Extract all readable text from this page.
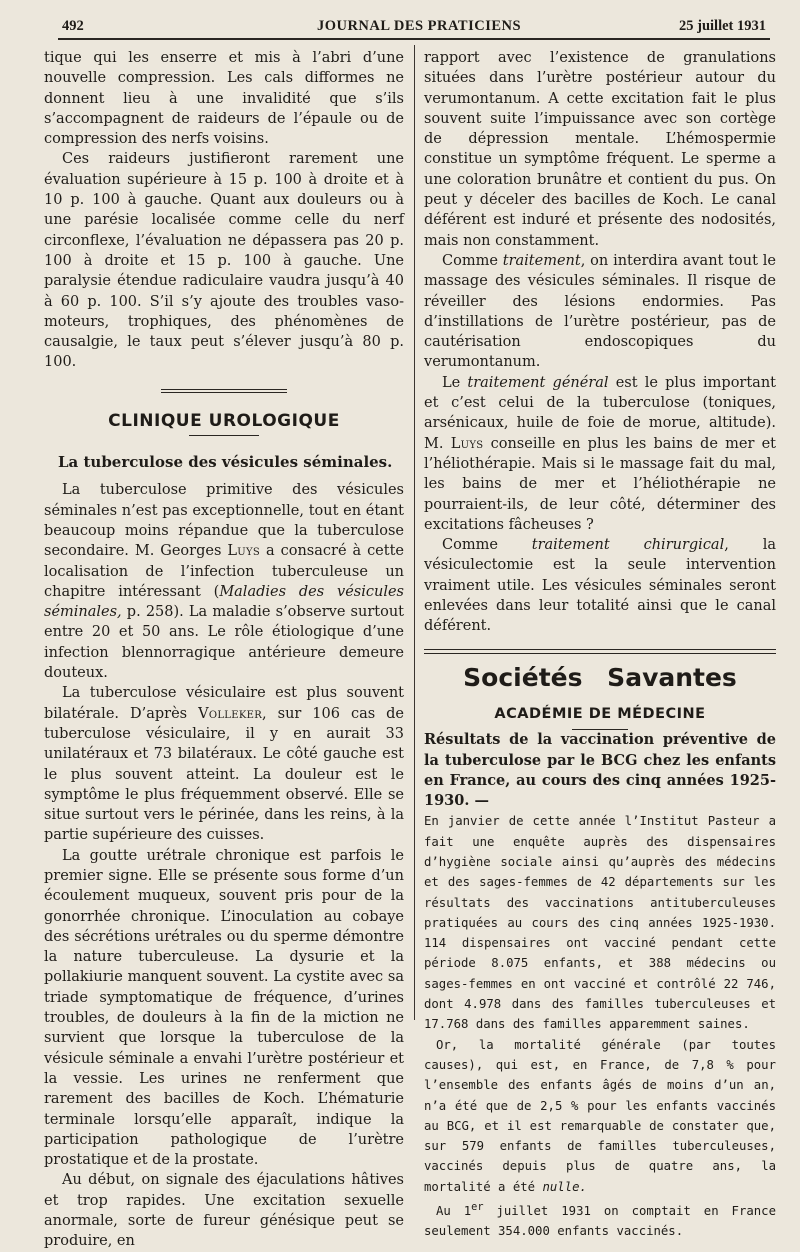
492	JOURNAL DES PRATICIENS	25 juillet 1931

tique qui les enserre et mis à l’abri d’une nouvelle compression. Les cals difformes ne donnent lieu à une invalidité que s’ils s’accompagnent de raideurs de l’épaule ou de compression des nerfs voisins.

Ces raideurs justifieront rarement une évaluation supérieure à 15 p. 100 à droite et à 10 p. 100 à gauche. Quant aux douleurs ou à une parésie localisée comme celle du nerf circonflexe, l’évaluation ne dépassera pas 20 p. 100 à droite et 15 p. 100 à gauche. Une paralysie étendue radiculaire vaudra jusqu’à 40 à 60 p. 100. S’il s’y ajoute des troubles vaso-moteurs, trophiques, des phénomènes de causalgie, le taux peut s’élever jusqu’à 80 p. 100.

CLINIQUE UROLOGIQUE
La tuberculose des vésicules séminales.

La tuberculose primitive des vésicules séminales n’est pas exceptionnelle, tout en étant beaucoup moins répandue que la tuberculose secondaire. M. Georges Luys a consacré à cette localisation de l’infection tuberculeuse un chapitre intéressant (Maladies des vésicules séminales, p. 258). La maladie s’observe surtout entre 20 et 50 ans. Le rôle étiologique d’une infection blennorragique antérieure demeure douteux.

La tuberculose vésiculaire est plus souvent bilatérale. D’après Volleker, sur 106 cas de tuberculose vésiculaire, il y en aurait 33 unilatéraux et 73 bilatéraux. Le côté gauche est le plus souvent atteint. La douleur est le symptôme le plus fréquemment observé. Elle se situe surtout vers le périnée, dans les reins, à la partie supérieure des cuisses.

La goutte urétrale chronique est parfois le premier signe. Elle se présente sous forme d’un écoulement muqueux, souvent pris pour de la gonorrhée chronique. L’inoculation au cobaye des sécrétions urétrales ou du sperme démontre la nature tuberculeuse. La dysurie et la pollakiurie manquent souvent. La cystite avec sa triade symptomatique de fréquence, d’urines troubles, de douleurs à la fin de la miction ne survient que lorsque la tuberculose de la vésicule séminale a envahi l’urètre postérieur et la vessie. Les urines ne renferment que rarement des bacilles de Koch. L’hématurie terminale lorsqu’elle apparaît, indique la participation pathologique de l’urètre prostatique et de la prostate.

Au début, on signale des éjaculations hâtives et trop rapides. Une excitation sexuelle anormale, sorte de fureur génésique peut se produire, en

rapport avec l’existence de granulations situées dans l’urètre postérieur autour du verumontanum. A cette excitation fait le plus souvent suite l’impuissance avec son cortège de dépression mentale. L’hémospermie constitue un symptôme fréquent. Le sperme a une coloration brunâtre et contient du pus. On peut y déceler des bacilles de Koch. Le canal déférent est induré et présente des nodosités, mais non constamment.

Comme traitement, on interdira avant tout le massage des vésicules séminales. Il risque de réveiller des lésions endormies. Pas d’instillations de l’urètre postérieur, pas de cautérisation endoscopiques du verumontanum.

Le traitement général est le plus important et c’est celui de la tuberculose (toniques, arsénicaux, huile de foie de morue, altitude). M. Luys conseille en plus les bains de mer et l’héliothérapie. Mais si le massage fait du mal, les bains de mer et l’héliothérapie ne pourraient-ils, de leur côté, déterminer des excitations fâcheuses ?

Comme traitement chirurgical, la vésiculectomie est la seule intervention vraiment utile. Les vésicules séminales seront enlevées dans leur totalité ainsi que le canal déférent.

Sociétés Savantes
ACADÉMIE DE MÉDECINE

Résultats de la vaccination préventive de la tuberculose par le BCG chez les enfants en France, au cours des cinq années 1925-1930. —

En janvier de cette année l’Institut Pasteur a fait une enquête auprès des dispensaires d’hygiène sociale ainsi qu’auprès des médecins et des sages-femmes de 42 départements sur les résultats des vaccinations antituberculeuses pratiquées au cours des cinq années 1925-1930. 114 dispensaires ont vacciné pendant cette période 8.075 enfants, et 388 médecins ou sages-femmes en ont vacciné et contrôlé 22 746, dont 4.978 dans des familles tuberculeuses et 17.768 dans des familles apparemment saines.

Or, la mortalité générale (par toutes causes), qui est, en France, de 7,8 % pour l’ensemble des enfants âgés de moins d’un an, n’a été que de 2,5 % pour les enfants vaccinés au BCG, et il est remarquable de constater que, sur 579 enfants de familles tuberculeuses, vaccinés depuis plus de quatre ans, la mortalité a été nulle.

Au 1er juillet 1931 on comptait en France seulement 354.000 enfants vaccinés.
